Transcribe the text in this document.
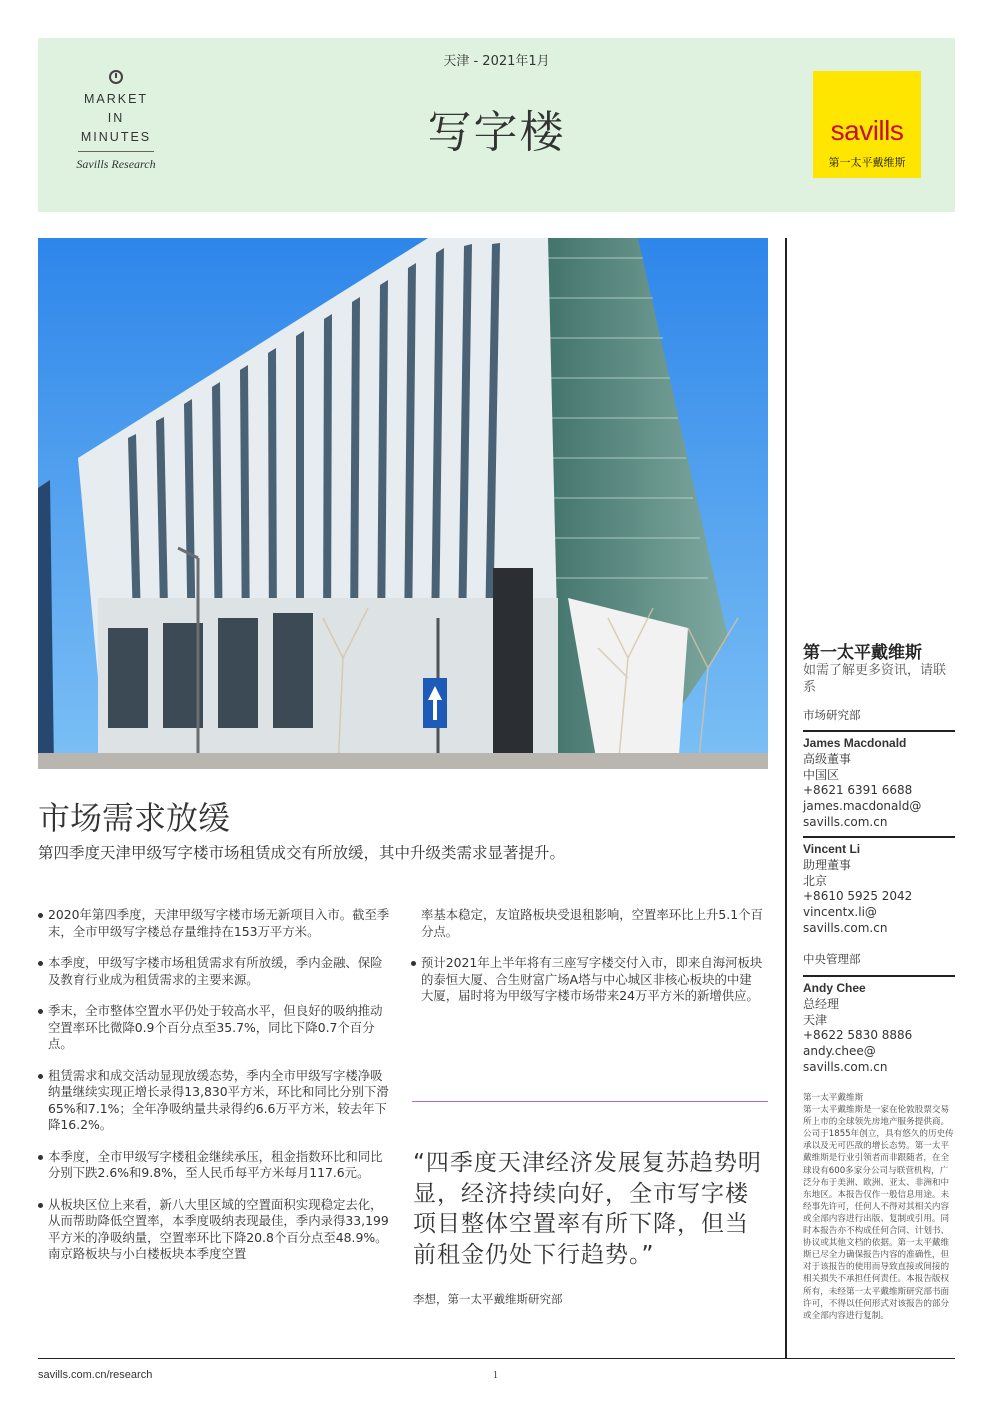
MARKET
IN
MINUTES
Savills Research
天津 - 2021年1月
写字楼	savills
第一太平戴维斯
市场需求放缓
第四季度天津甲级写字楼市场租赁成交有所放缓，其中升级类需求显著提升。
2020年第四季度，天津甲级写字楼市场无新项目入市。截至季末，全市甲级写字楼总存量维持在153万平方米。
本季度，甲级写字楼市场租赁需求有所放缓，季内金融、保险及教育行业成为租赁需求的主要来源。
季末，全市整体空置水平仍处于较高水平，但良好的吸纳推动空置率环比微降0.9个百分点至35.7%，同比下降0.7个百分点。
租赁需求和成交活动显现放缓态势，季内全市甲级写字楼净吸纳量继续实现正增长录得13,830平方米，环比和同比分别下滑65%和7.1%；全年净吸纳量共录得约6.6万平方米，较去年下降16.2%。
本季度，全市甲级写字楼租金继续承压，租金指数环比和同比分别下跌2.6%和9.8%，至人民币每平方米每月117.6元。
从板块区位上来看，新八大里区域的空置面积实现稳定去化，从而帮助降低空置率，本季度吸纳表现最佳，季内录得33,199平方米的净吸纳量，空置率环比下降20.8个百分点至48.9%。南京路板块与小白楼板块本季度空置
率基本稳定，友谊路板块受退租影响，空置率环比上升5.1个百分点。
预计2021年上半年将有三座写字楼交付入市，即来自海河板块的泰恒大厦、合生财富广场A塔与中心城区非核心板块的中建大厦，届时将为甲级写字楼市场带来24万平方米的新增供应。
“四季度天津经济发展复苏趋势明显，经济持续向好，全市写字楼项目整体空置率有所下降，但当前租金仍处下行趋势。”
李想，第一太平戴维斯研究部
第一太平戴维斯
如需了解更多资讯，请联系
市场研究部
James Macdonald
高级董事
中国区
+8621 6391 6688
james.macdonald@
savills.com.cn
Vincent Li
助理董事
北京
+8610 5925 2042
vincentx.li@
savills.com.cn
中央管理部
Andy Chee
总经理
天津
+8622 5830 8886
andy.chee@
savills.com.cn
第一太平戴维斯
第一太平戴维斯是一家在伦敦股票交易所上市的全球领先房地产服务提供商。公司于1855年创立，具有悠久的历史传承以及无可匹敌的增长态势。第一太平戴维斯是行业引领者而非跟随者，在全球设有600多家分公司与联营机构，广泛分布于美洲、欧洲、亚太、非洲和中东地区。本报告仅作一般信息用途。未经事先许可，任何人不得对其相关内容或全部内容进行出版、复制或引用。同时本报告亦不构成任何合同、计划书、协议或其他文档的依据。第一太平戴维斯已尽全力确保报告内容的准确性，但对于该报告的使用而导致直接或间接的相关损失不承担任何责任。本报告版权所有，未经第一太平戴维斯研究部书面许可，不得以任何形式对该报告的部分或全部内容进行复制。
savills.com.cn/research	1
